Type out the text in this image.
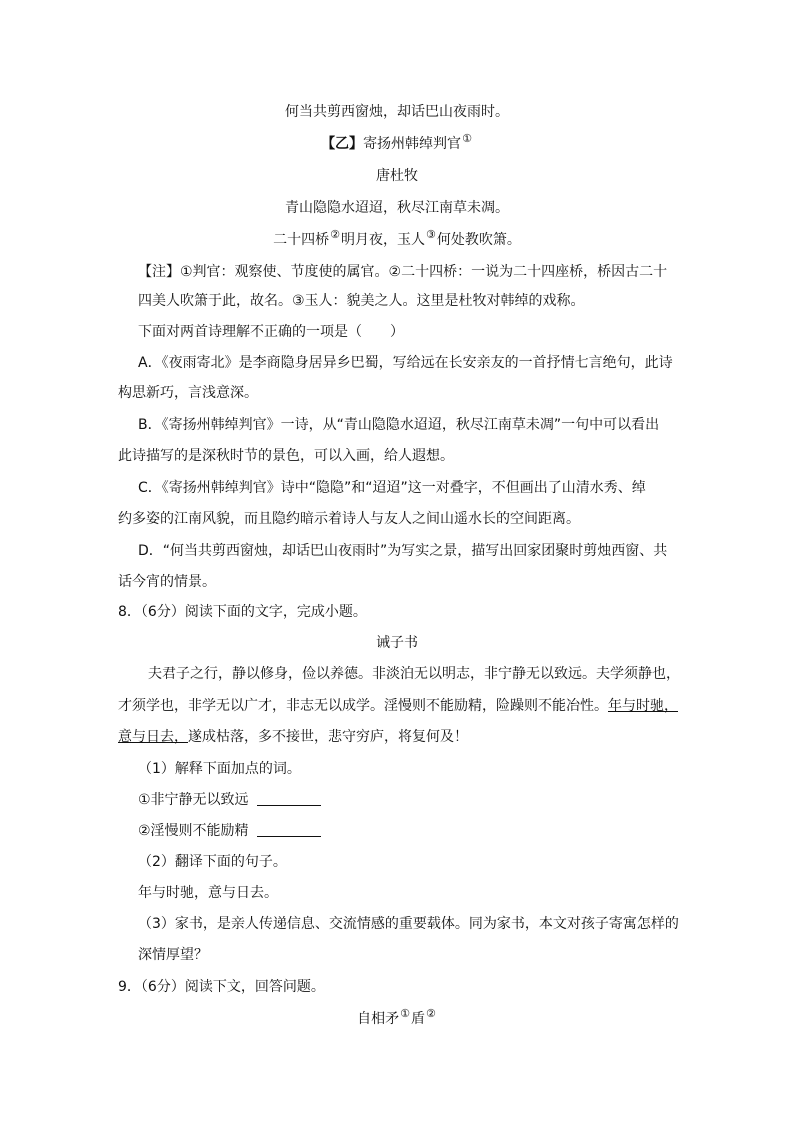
何当共剪西窗烛，却话巴山夜雨时。
【乙】寄扬州韩绰判官①
唐杜牧
青山隐隐水迢迢，秋尽江南草未凋。
二十四桥②明月夜，玉人③何处教吹箫。
【注】①判官：观察使、节度使的属官。②二十四桥：一说为二十四座桥，桥因古二十
四美人吹箫于此，故名。③玉人：貌美之人。这里是杜牧对韩绰的戏称。
下面对两首诗理解不正确的一项是（　　）
A．《夜雨寄北》是李商隐身居异乡巴蜀，写给远在长安亲友的一首抒情七言绝句，此诗
构思新巧，言浅意深。
B．《寄扬州韩绰判官》一诗，从“青山隐隐水迢迢，秋尽江南草未凋”一句中可以看出
此诗描写的是深秋时节的景色，可以入画，给人遐想。
C．《寄扬州韩绰判官》诗中“隐隐”和“迢迢”这一对叠字，不但画出了山清水秀、绰
约多姿的江南风貌，而且隐约暗示着诗人与友人之间山遥水长的空间距离。
D．“何当共剪西窗烛，却话巴山夜雨时”为写实之景，描写出回家团聚时剪烛西窗、共
话今宵的情景。
8．（6分）阅读下面的文字，完成小题。
诫子书
夫君子之行，静以修身，俭以养德。非淡泊无以明志，非宁静无以致远。夫学须静也，
才须学也，非学无以广才，非志无以成学。淫慢则不能励精，险躁则不能冶性。年与时驰，
意与日去，遂成枯落，多不接世，悲守穷庐，将复何及！
（1）解释下面加点的词。
①非宁静无以致远
②淫慢则不能励精
（2）翻译下面的句子。
年与时驰，意与日去。
（3）家书，是亲人传递信息、交流情感的重要载体。同为家书，本文对孩子寄寓怎样的
深情厚望？
9．（6分）阅读下文，回答问题。
自相矛①盾②
